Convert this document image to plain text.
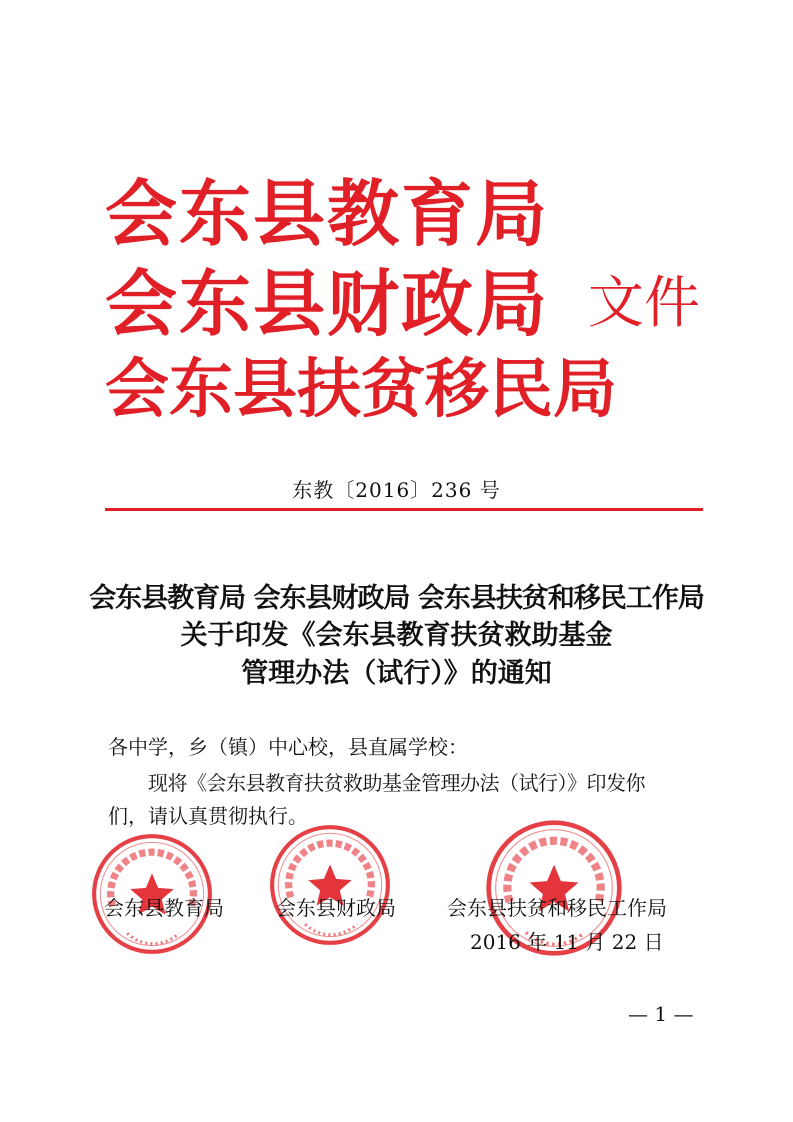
会东县教育局
会东县财政局 文件
会东县扶贫移民局
东教〔2016〕236 号
会东县教育局 会东县财政局 会东县扶贫和移民工作局
关于印发《会东县教育扶贫救助基金
管理办法（试行）》的通知
各中学，乡（镇）中心校，县直属学校：
现将《会东县教育扶贫救助基金管理办法（试行）》印发你
们，请认真贯彻执行。
会东县教育局	会东县财政局	会东县扶贫和移民工作局
2016 年 11 月 22 日
— 1 —
